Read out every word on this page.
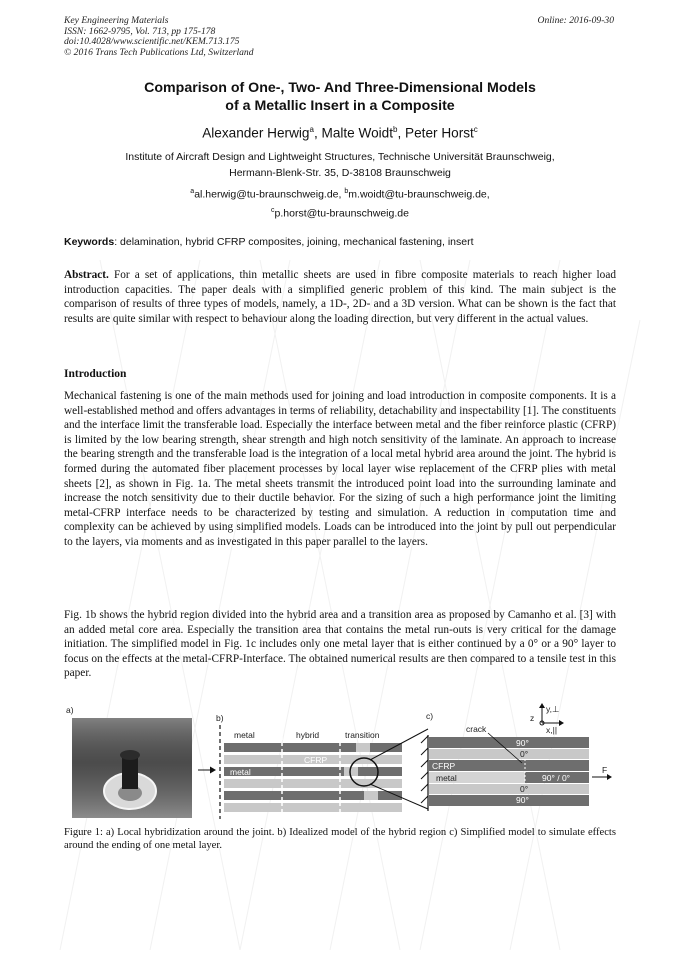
Key Engineering Materials
ISSN: 1662-9795, Vol. 713, pp 175-178
doi:10.4028/www.scientific.net/KEM.713.175
© 2016 Trans Tech Publications Ltd, Switzerland
Online: 2016-09-30
Comparison of One-, Two- And Three-Dimensional Models
of a Metallic Insert in a Composite
Alexander Herwig$^a$, Malte Woidt$^b$, Peter Horst$^c$
Institute of Aircraft Design and Lightweight Structures, Technische Universität Braunschweig,
Hermann-Blenk-Str. 35, D-38108 Braunschweig
$^a$al.herwig@tu-braunschweig.de, $^b$m.woidt@tu-braunschweig.de,
$^c$p.horst@tu-braunschweig.de
Keywords: delamination, hybrid CFRP composites, joining, mechanical fastening, insert
Abstract. For a set of applications, thin metallic sheets are used in fibre composite materials to reach higher load introduction capacities. The paper deals with a simplified generic problem of this kind. The main subject is the comparison of results of three types of models, namely, a 1D-, 2D- and a 3D version. What can be shown is the fact that results are quite similar with respect to behaviour along the loading direction, but very different in the actual values.
Introduction
Mechanical fastening is one of the main methods used for joining and load introduction in composite components. It is a well-established method and offers advantages in terms of reliability, detachability and inspectability [1]. The constituents and the interface limit the transferable load. Especially the interface between metal and the fiber reinforce plastic (CFRP) is limited by the low bearing strength, shear strength and high notch sensitivity of the laminate. An approach to increase the bearing strength and the transferable load is the integration of a local metal hybrid area around the joint. The hybrid is formed during the automated fiber placement processes by local layer wise replacement of the CFRP plies with metal sheets [2], as shown in Fig. 1a. The metal sheets transmit the introduced point load into the surrounding laminate and increase the notch sensitivity due to their ductile behavior. For the sizing of such a high performance joint the limiting metal-CFRP interface needs to be characterized by testing and simulation. A reduction in computation time and complexity can be achieved by using simplified models. Loads can be introduced into the joint by pull out perpendicular to the layers, via moments and as investigated in this paper parallel to the layers.
Fig. 1b shows the hybrid region divided into the hybrid area and a transition area as proposed by Camanho et al. [3] with an added metal core area. Especially the transition area that contains the metal run-outs is very critical for the damage initiation. The simplified model in Fig. 1c includes only one metal layer that is either continued by a 0° or a 90° layer to focus on the effects at the metal-CFRP-Interface. The obtained numerical results are then compared to a tensile test in this paper.
a)
b)
metal	hybrid	transition
CFRP
metal
c)
crack
90°
0°
CFRP
metal	90° / 0°
0°
90°
y,⊥
z
x,||
F
Figure 1: a) Local hybridization around the joint. b) Idealized model of the hybrid region c) Simplified model to simulate effects around the ending of one metal layer.
